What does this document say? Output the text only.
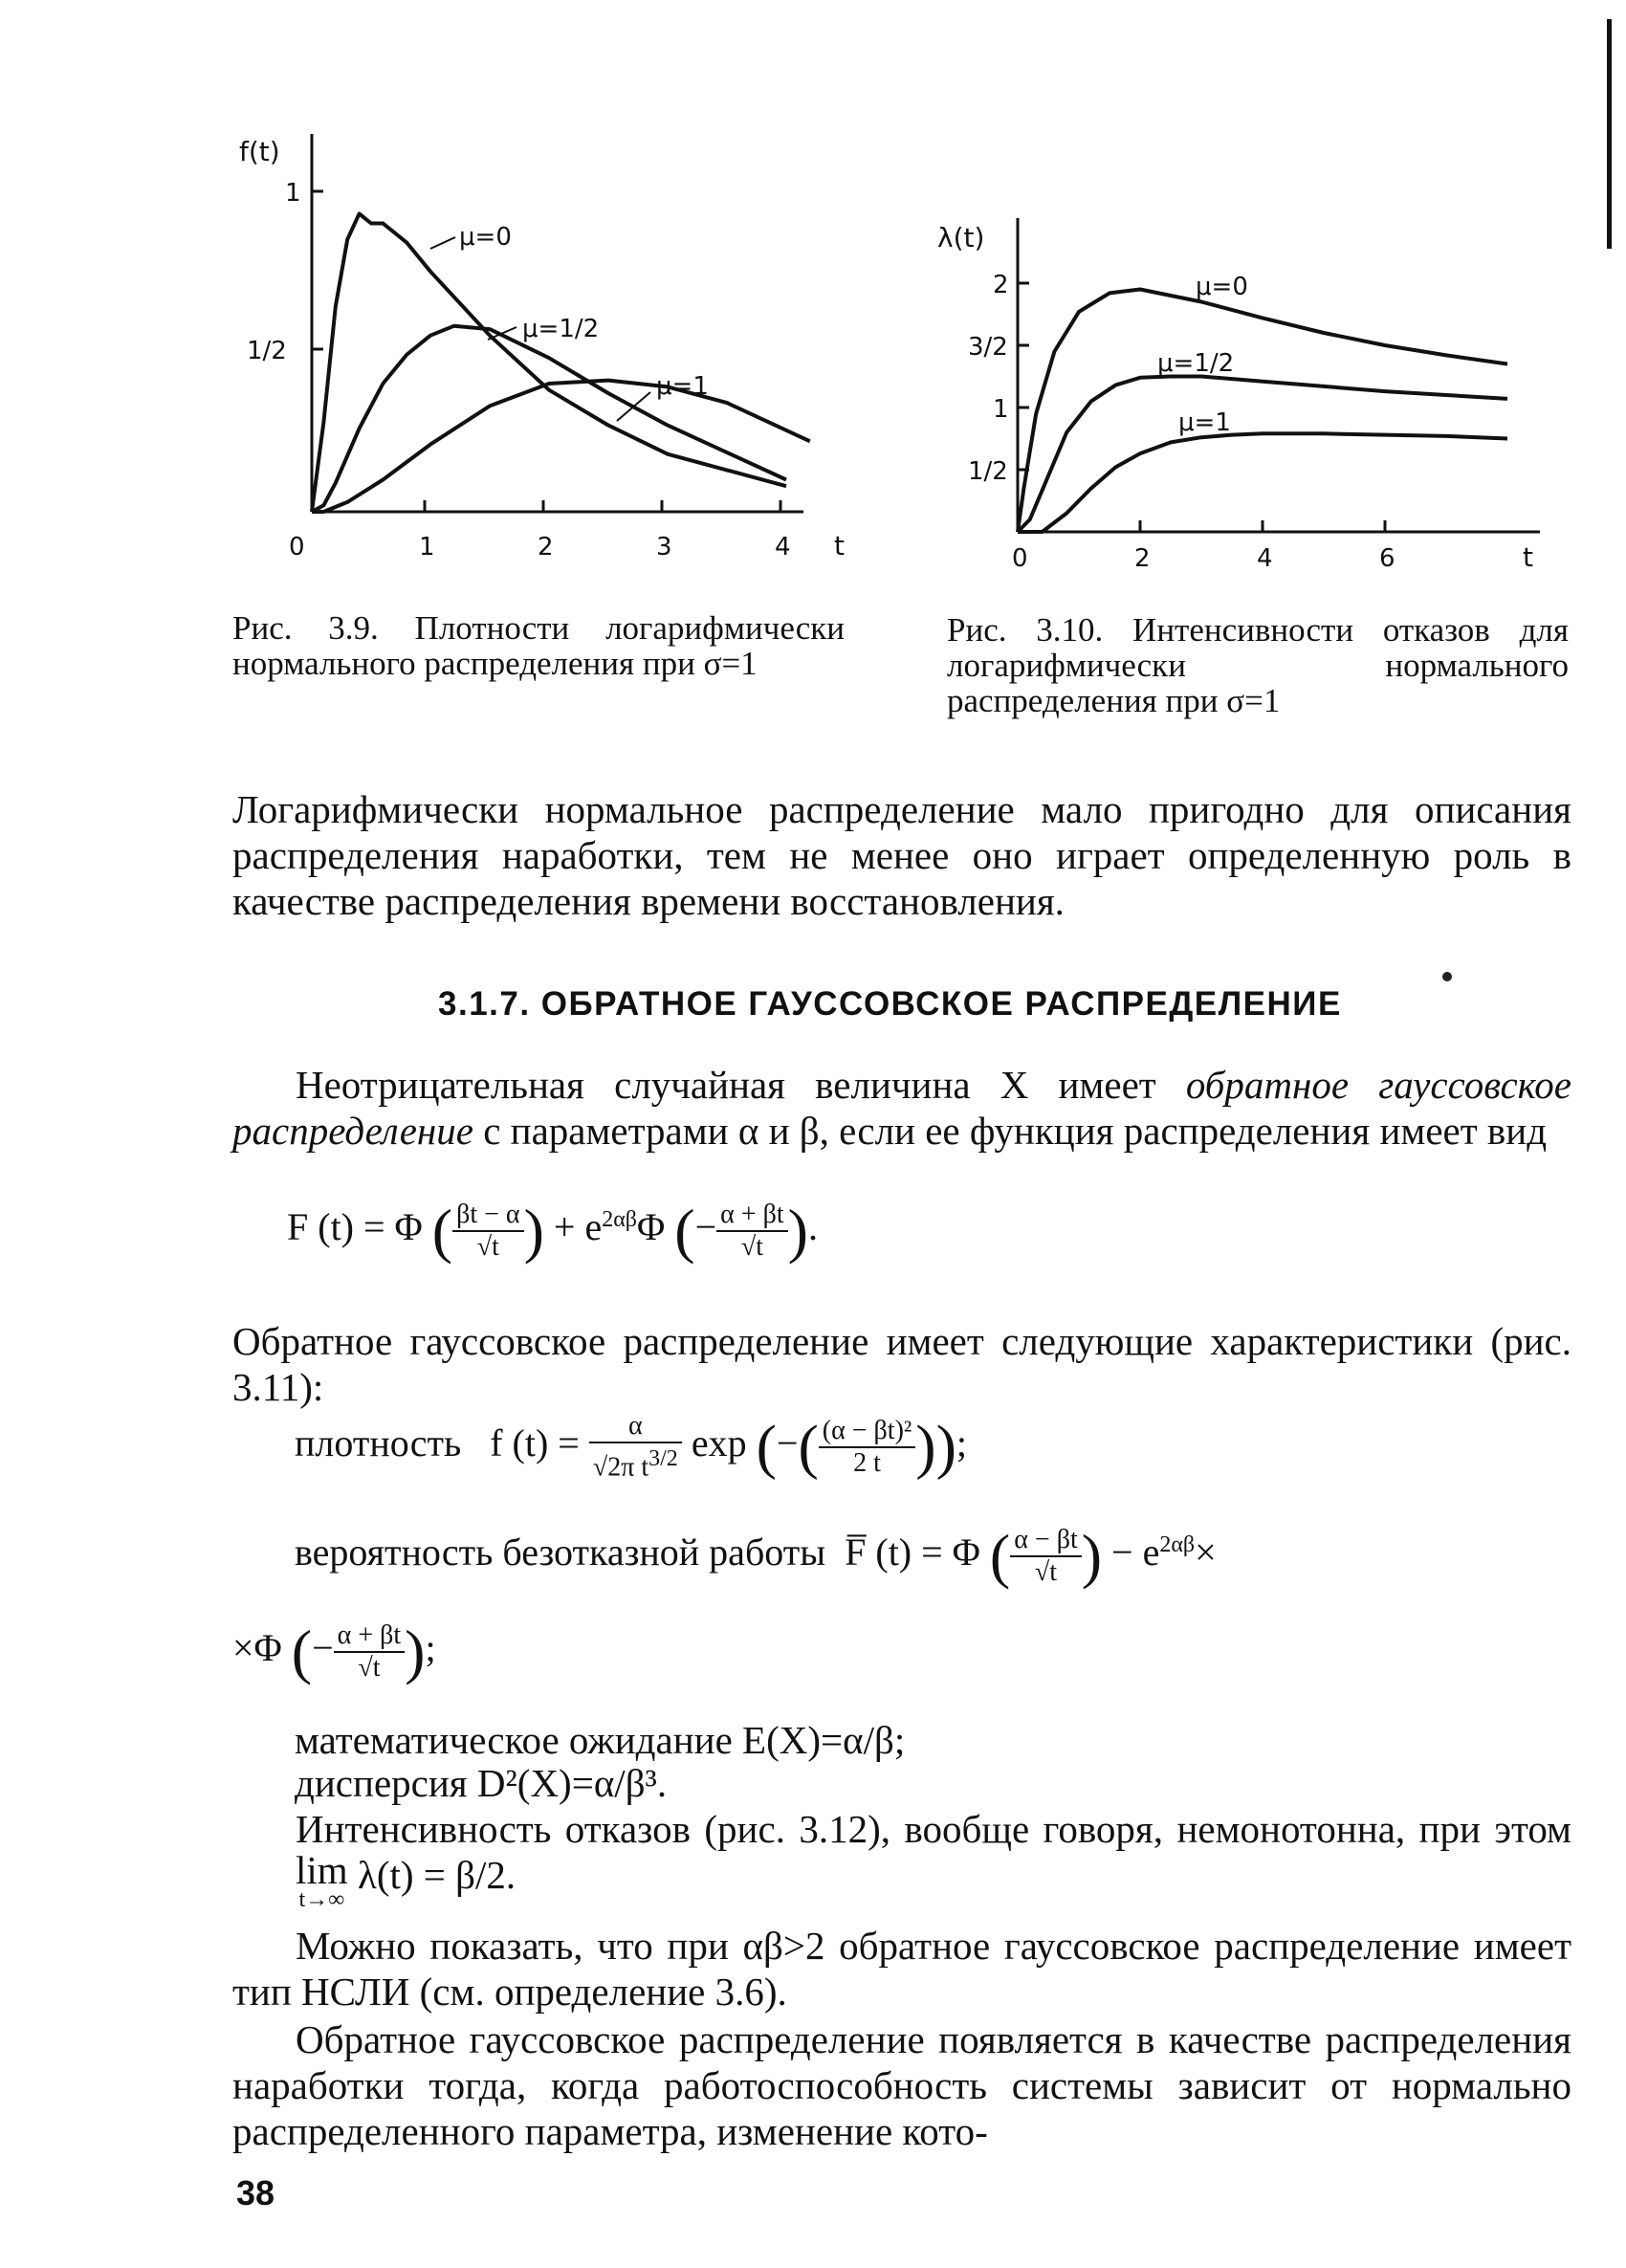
f(t)
1
1/2
0	1	2	3	4 t
μ=0
μ=1/2
μ=1
Рис. 3.9. Плотности логарифмически нормального распределения при σ=1
λ(t)
2
3/2
1
1/2
0	2	4	6	t
μ=0
μ=1/2
μ=1
Рис. 3.10. Интенсивности отказов для логарифмически нормального распределения при σ=1
Логарифмически нормальное распределение мало пригодно для описания распределения наработки, тем не менее оно играет определенную роль в качестве распределения времени восстановления.
3.1.7. ОБРАТНОЕ ГАУССОВСКОЕ РАСПРЕДЕЛЕНИЕ
Неотрицательная случайная величина X имеет обратное гауссовское распределение с параметрами α и β, если ее функция распределения имеет вид
F (t) = Φ ( $\frac{\beta t - \alpha}{√t}$ ) + $e^{2\alpha\beta}\Phi$ (− $\frac{\alpha + \beta t}{√t}$ ).
Обратное гауссовское распределение имеет следующие характеристики (рис. 3.11):
плотность f $(t) = \frac{\alpha}{\text{√2π t3/2}}$ exp (−( $\frac{\text{(α − βt)²}}{2 t}$ ));
вероятность безотказной работы F̅ (t) = Φ ( $\frac{\alpha - \beta t}{√t}$ ) − $e^{2\alpha\beta}\times$
×Φ (− $\frac{\alpha + \beta t}{√t}$ );
математическое ожидание E(X)=α/β;
дисперсия D²(X)=α/β³.
Интенсивность отказов (рис. 3.12), вообще говоря, немонотонна, при этом lim
t→∞
λ(t) = β/2.
Можно показать, что при αβ>2 обратное гауссовское распределение имеет тип НСЛИ (см. определение 3.6).
Обратное гауссовское распределение появляется в качестве распределения наработки тогда, когда работоспособность системы зависит от нормально распределенного параметра, изменение кото-
38
